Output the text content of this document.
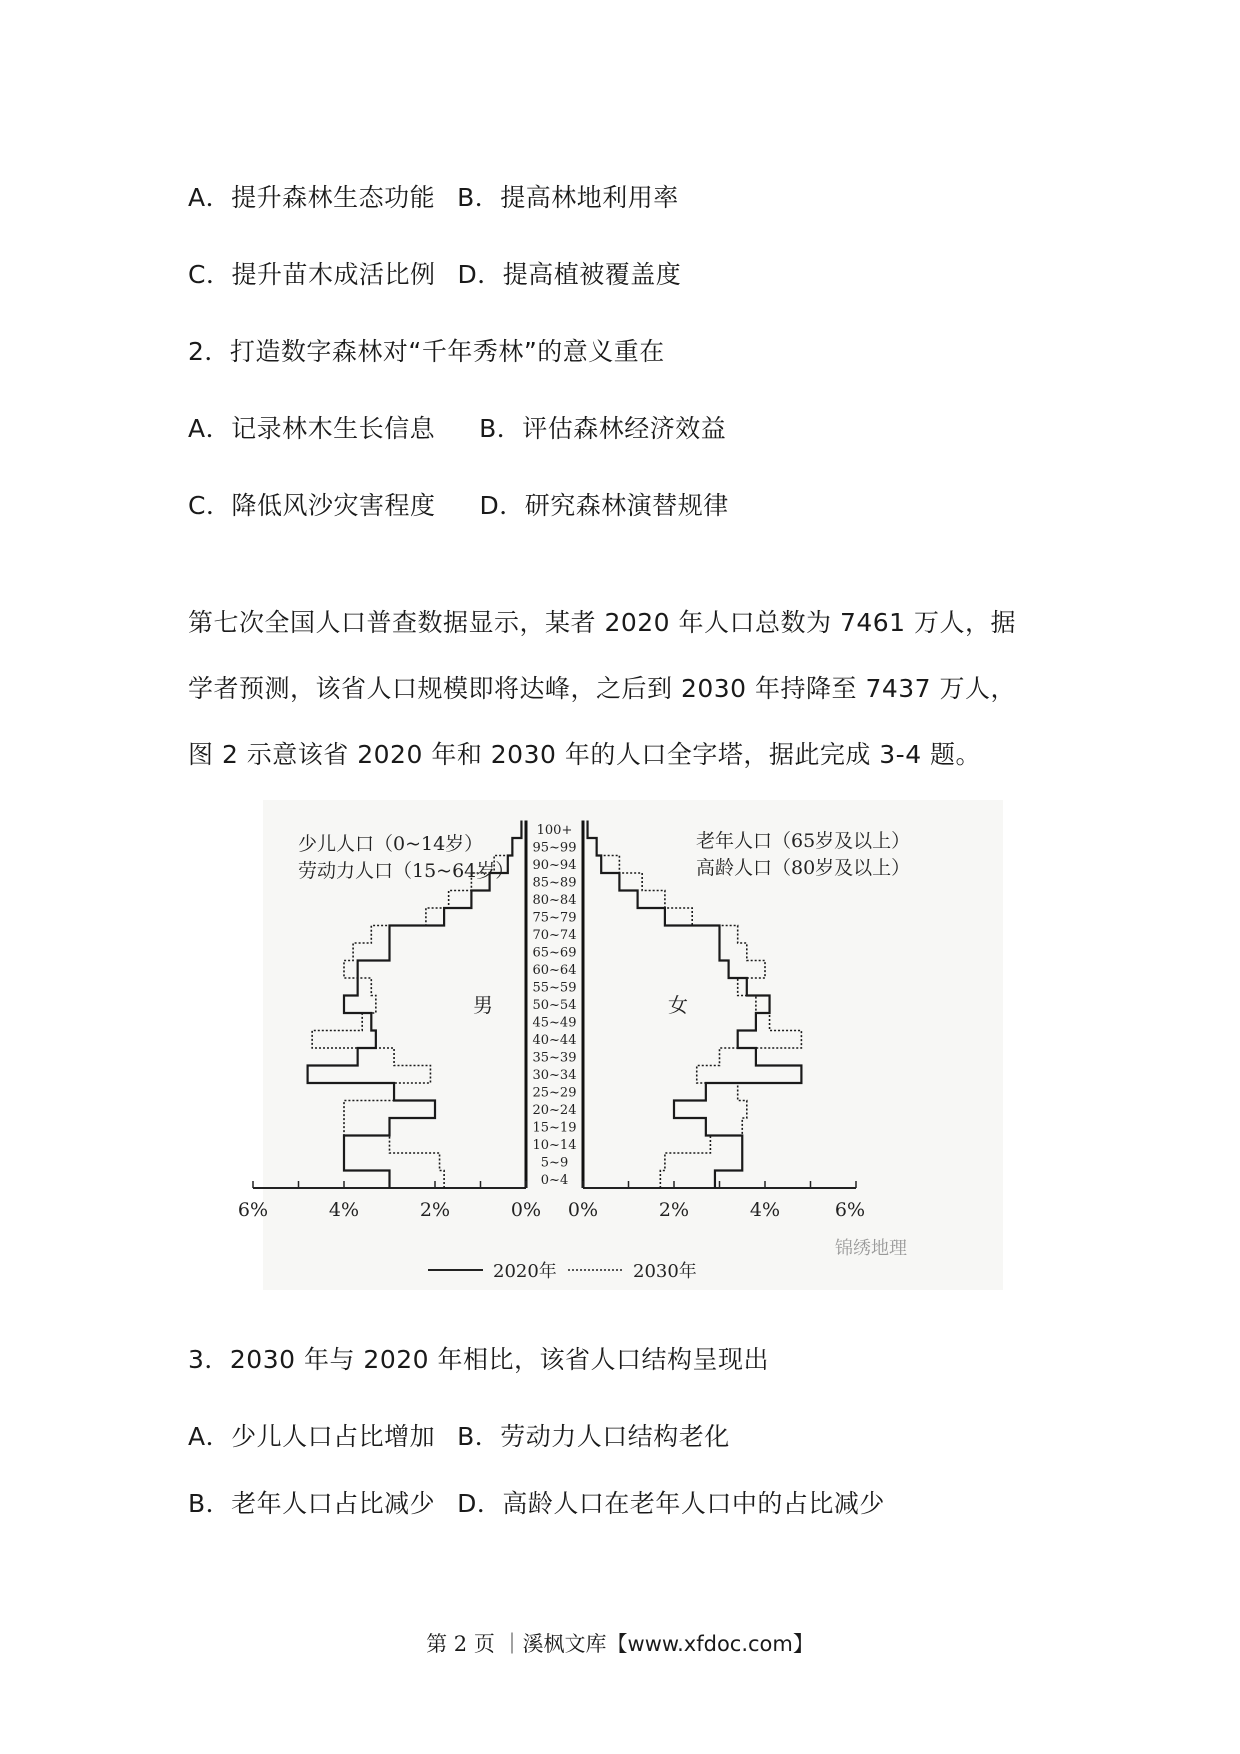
A．提升森林生态功能 B．提高林地利用率
C．提升苗木成活比例 D．提高植被覆盖度
2．打造数字森林对“千年秀林”的意义重在
A．记录林木生长信息 B．评估森林经济效益
C．降低风沙灾害程度 D．研究森林演替规律
第七次全国人口普查数据显示，某者 2020 年人口总数为 7461 万人，据
学者预测，该省人口规模即将达峰，之后到 2030 年持降至 7437 万人，
图 2 示意该省 2020 年和 2030 年的人口全字塔，据此完成 3-4 题。
少儿人口（0~14岁）
劳动力人口（15~64岁）
老年人口（65岁及以上）
高龄人口（80岁及以上）
男	女
锦绣地理
6%	4%	2%	0% 0%	2%	4%	6%
0~4
5~9
10~14
15~19
20~24
25~29
30~34
35~39
40~44
45~49
50~54
55~59
60~64
65~69
70~74
75~79
80~84
85~89
90~94
95~99
100+
2020年	2030年
3．2030 年与 2020 年相比，该省人口结构呈现出
A．少儿人口占比增加 B．劳动力人口结构老化
B．老年人口占比减少 D．高龄人口在老年人口中的占比减少
第 2 页 ｜溪枫文库【www.xfdoc.com】
